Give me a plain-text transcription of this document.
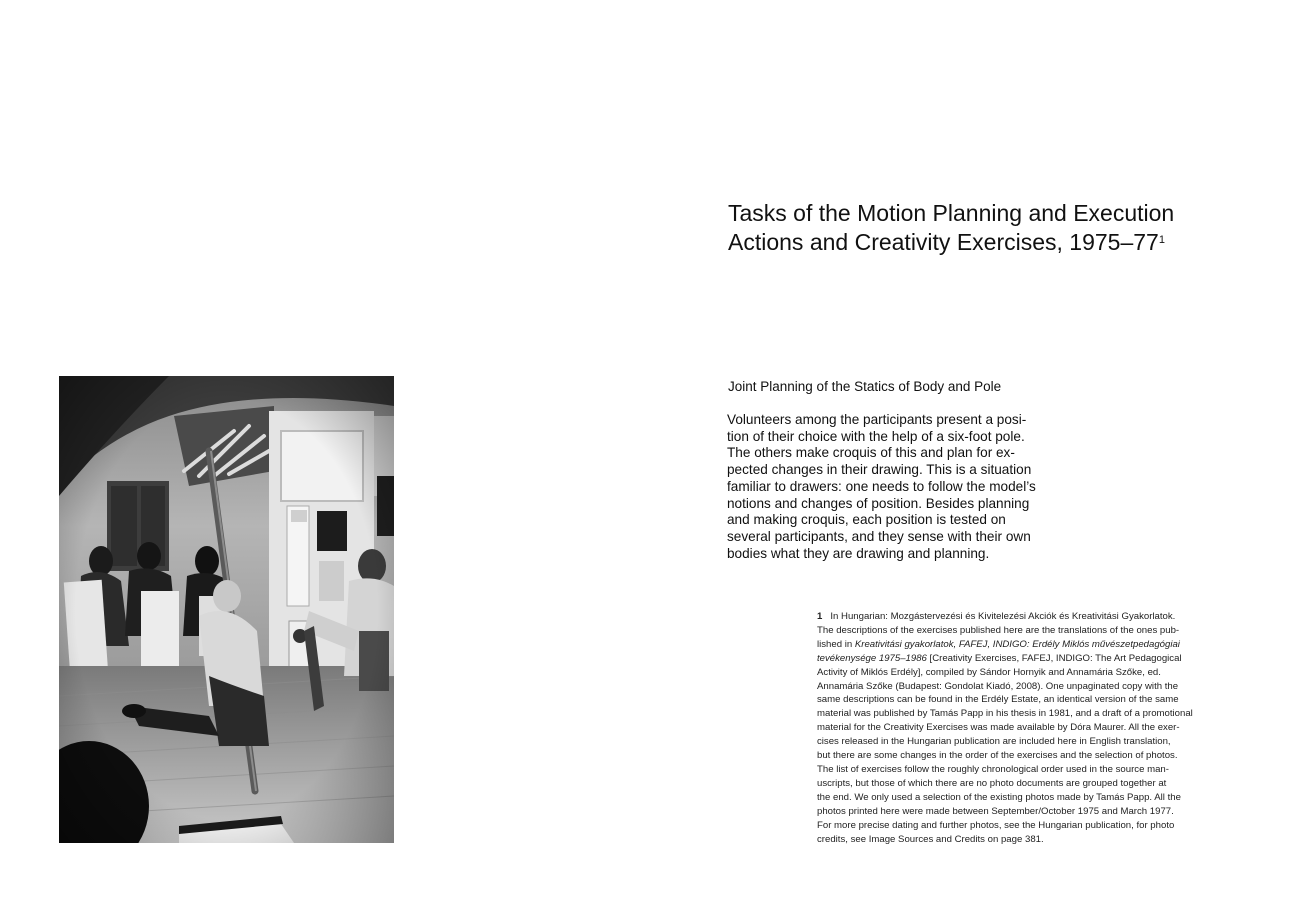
Tasks of the Motion Planning and Execution
Actions and Creativity Exercises, $1975-77^1$
Joint Planning of the Statics of Body and Pole

Volunteers among the participants present a posi-
tion of their choice with the help of a six-foot pole.
The others make croquis of this and plan for ex-
pected changes in their drawing. This is a situation
familiar to drawers: one needs to follow the model’s
notions and changes of position. Besides planning
and making croquis, each position is tested on
several participants, and they sense with their own
bodies what they are drawing and planning.

1 In Hungarian: Mozgástervezési és Kivitelezési Akciók és Kreativitási Gyakorlatok.
The descriptions of the exercises published here are the translations of the ones pub-
lished in Kreativitási gyakorlatok, FAFEJ, INDIGO: Erdély Miklós művészetpedagógiai
tevékenysége 1975–1986 [Creativity Exercises, FAFEJ, INDIGO: The Art Pedagogical
Activity of Miklós Erdély], compiled by Sándor Hornyik and Annamária Szőke, ed.
Annamária Szőke (Budapest: Gondolat Kiadó, 2008). One unpaginated copy with the
same descriptions can be found in the Erdély Estate, an identical version of the same
material was published by Tamás Papp in his thesis in 1981, and a draft of a promotional
material for the Creativity Exercises was made available by Dóra Maurer. All the exer-
cises released in the Hungarian publication are included here in English translation,
but there are some changes in the order of the exercises and the selection of photos.
The list of exercises follow the roughly chronological order used in the source man-
uscripts, but those of which there are no photo documents are grouped together at
the end. We only used a selection of the existing photos made by Tamás Papp. All the
photos printed here were made between September/October 1975 and March 1977.
For more precise dating and further photos, see the Hungarian publication, for photo
credits, see Image Sources and Credits on page 381.
